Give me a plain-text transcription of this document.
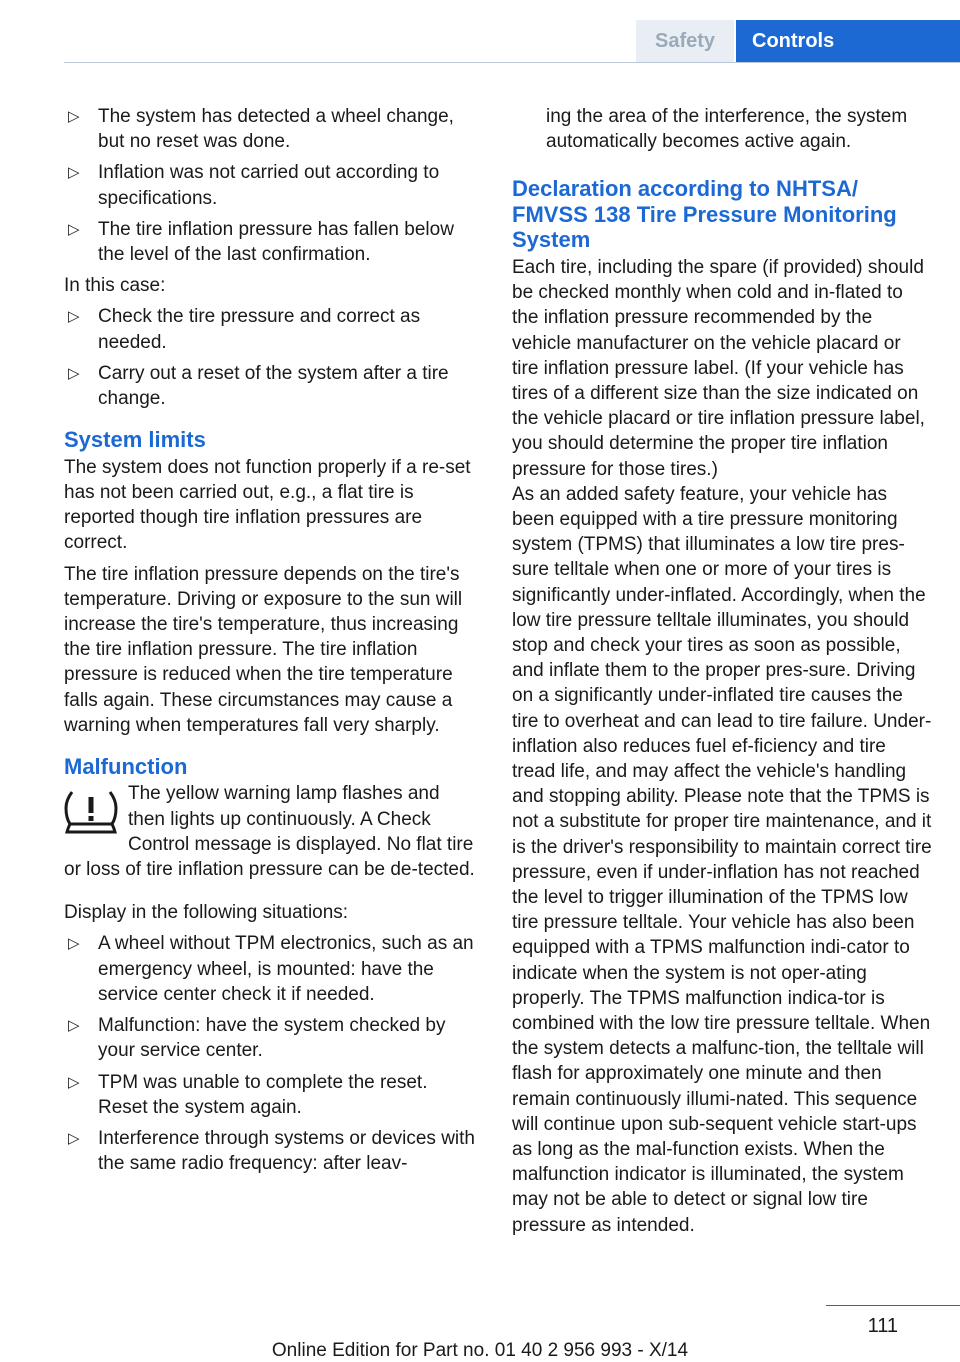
Safety Controls
▷ The system has detected a wheel change, but no reset was done.
▷ Inflation was not carried out according to specifications.
▷ The tire inflation pressure has fallen below the level of the last confirmation.

In this case:

▷ Check the tire pressure and correct as needed.
▷ Carry out a reset of the system after a tire change.
System limits

The system does not function properly if a re‐set has not been carried out, e.g., a flat tire is reported though tire inflation pressures are correct.

The tire inflation pressure depends on the tire's temperature. Driving or exposure to the sun will increase the tire's temperature, thus increasing the tire inflation pressure. The tire inflation pressure is reduced when the tire temperature falls again. These circumstances may cause a warning when temperatures fall very sharply.

Malfunction

The yellow warning lamp flashes and then lights up continuously. A Check Control message is displayed. No flat tire or loss of tire inflation pressure can be de‐tected.

Display in the following situations:

▷ A wheel without TPM electronics, such as an emergency wheel, is mounted: have the service center check it if needed.
▷ Malfunction: have the system checked by your service center.
▷ TPM was unable to complete the reset. Reset the system again.
▷ Interference through systems or devices with the same radio frequency: after leav‐

ing the area of the interference, the system automatically becomes active again.

Declaration according to NHTSA/ FMVSS 138 Tire Pressure Monitoring System

Each tire, including the spare (if provided) should be checked monthly when cold and in‐flated to the inflation pressure recommended by the vehicle manufacturer on the vehicle placard or tire inflation pressure label. (If your vehicle has tires of a different size than the size indicated on the vehicle placard or tire inflation pressure label, you should determine the proper tire inflation pressure for those tires.)

As an added safety feature, your vehicle has been equipped with a tire pressure monitoring system (TPMS) that illuminates a low tire pres‐sure telltale when one or more of your tires is significantly under-inflated. Accordingly, when the low tire pressure telltale illuminates, you should stop and check your tires as soon as possible, and inflate them to the proper pres‐sure. Driving on a significantly under-inflated tire causes the tire to overheat and can lead to tire failure. Under-inflation also reduces fuel ef‐ficiency and tire tread life, and may affect the vehicle's handling and stopping ability. Please note that the TPMS is not a substitute for proper tire maintenance, and it is the driver's responsibility to maintain correct tire pressure, even if under-inflation has not reached the level to trigger illumination of the TPMS low tire pressure telltale. Your vehicle has also been equipped with a TPMS malfunction indi‐cator to indicate when the system is not oper‐ating properly. The TPMS malfunction indica‐tor is combined with the low tire pressure telltale. When the system detects a malfunc‐tion, the telltale will flash for approximately one minute and then remain continuously illumi‐nated. This sequence will continue upon sub‐sequent vehicle start-ups as long as the mal‐function exists. When the malfunction indicator is illuminated, the system may not be able to detect or signal low tire pressure as intended.

111
Online Edition for Part no. 01 40 2 956 993 - X/14
